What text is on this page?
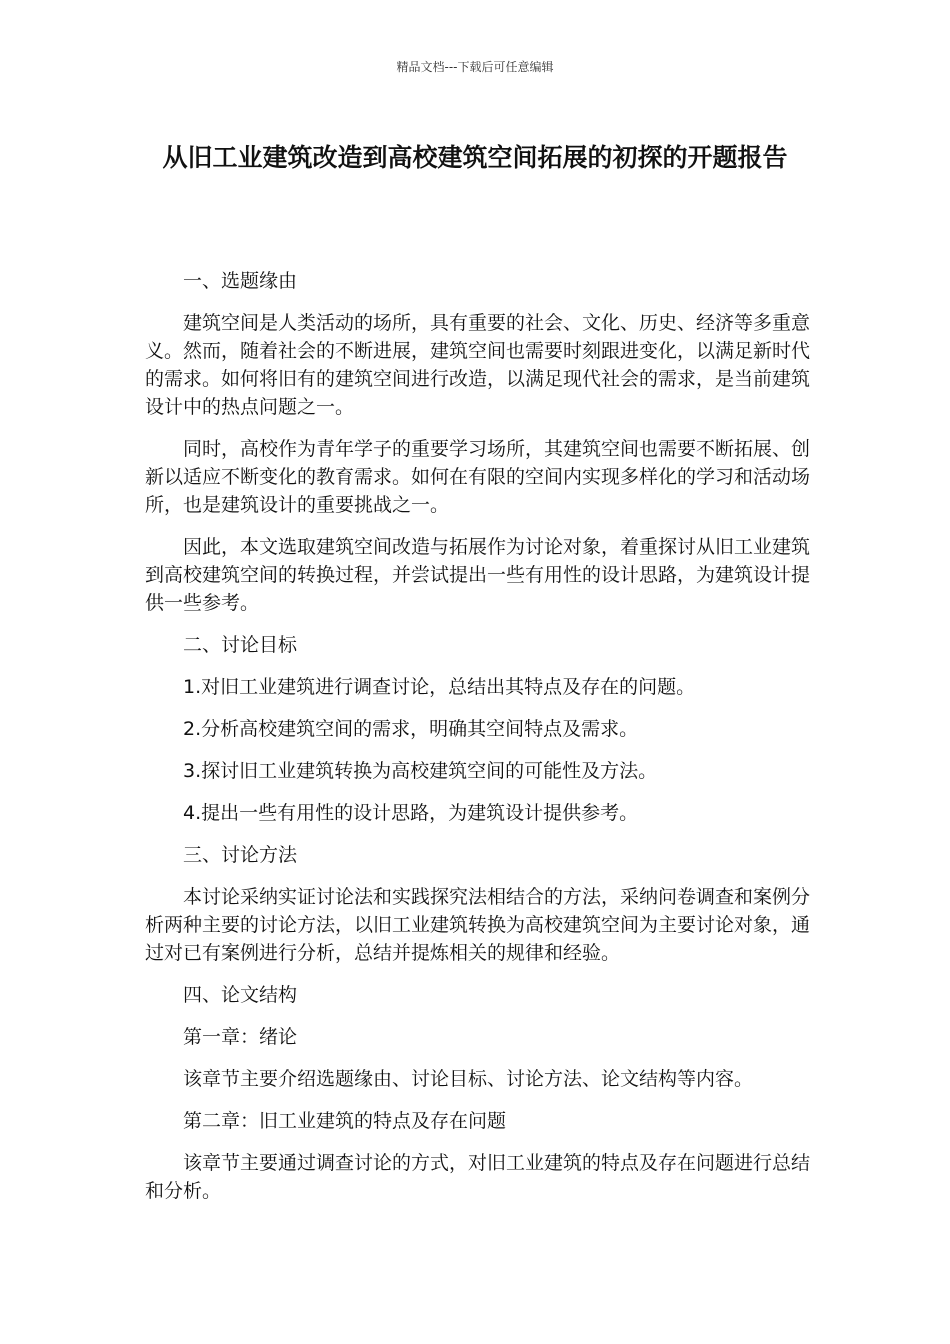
精品文档---下载后可任意编辑
从旧工业建筑改造到高校建筑空间拓展的初探的开题报告

一、选题缘由

建筑空间是人类活动的场所，具有重要的社会、文化、历史、经济等多重意义。然而，随着社会的不断进展，建筑空间也需要时刻跟进变化，以满足新时代的需求。如何将旧有的建筑空间进行改造，以满足现代社会的需求，是当前建筑设计中的热点问题之一。

同时，高校作为青年学子的重要学习场所，其建筑空间也需要不断拓展、创新以适应不断变化的教育需求。如何在有限的空间内实现多样化的学习和活动场所，也是建筑设计的重要挑战之一。

因此，本文选取建筑空间改造与拓展作为讨论对象，着重探讨从旧工业建筑到高校建筑空间的转换过程，并尝试提出一些有用性的设计思路，为建筑设计提供一些参考。

二、讨论目标

1.对旧工业建筑进行调查讨论，总结出其特点及存在的问题。

2.分析高校建筑空间的需求，明确其空间特点及需求。

3.探讨旧工业建筑转换为高校建筑空间的可能性及方法。

4.提出一些有用性的设计思路，为建筑设计提供参考。

三、讨论方法

本讨论采纳实证讨论法和实践探究法相结合的方法，采纳问卷调查和案例分析两种主要的讨论方法，以旧工业建筑转换为高校建筑空间为主要讨论对象，通过对已有案例进行分析，总结并提炼相关的规律和经验。

四、论文结构

第一章：绪论

该章节主要介绍选题缘由、讨论目标、讨论方法、论文结构等内容。

第二章：旧工业建筑的特点及存在问题

该章节主要通过调查讨论的方式，对旧工业建筑的特点及存在问题进行总结和分析。
